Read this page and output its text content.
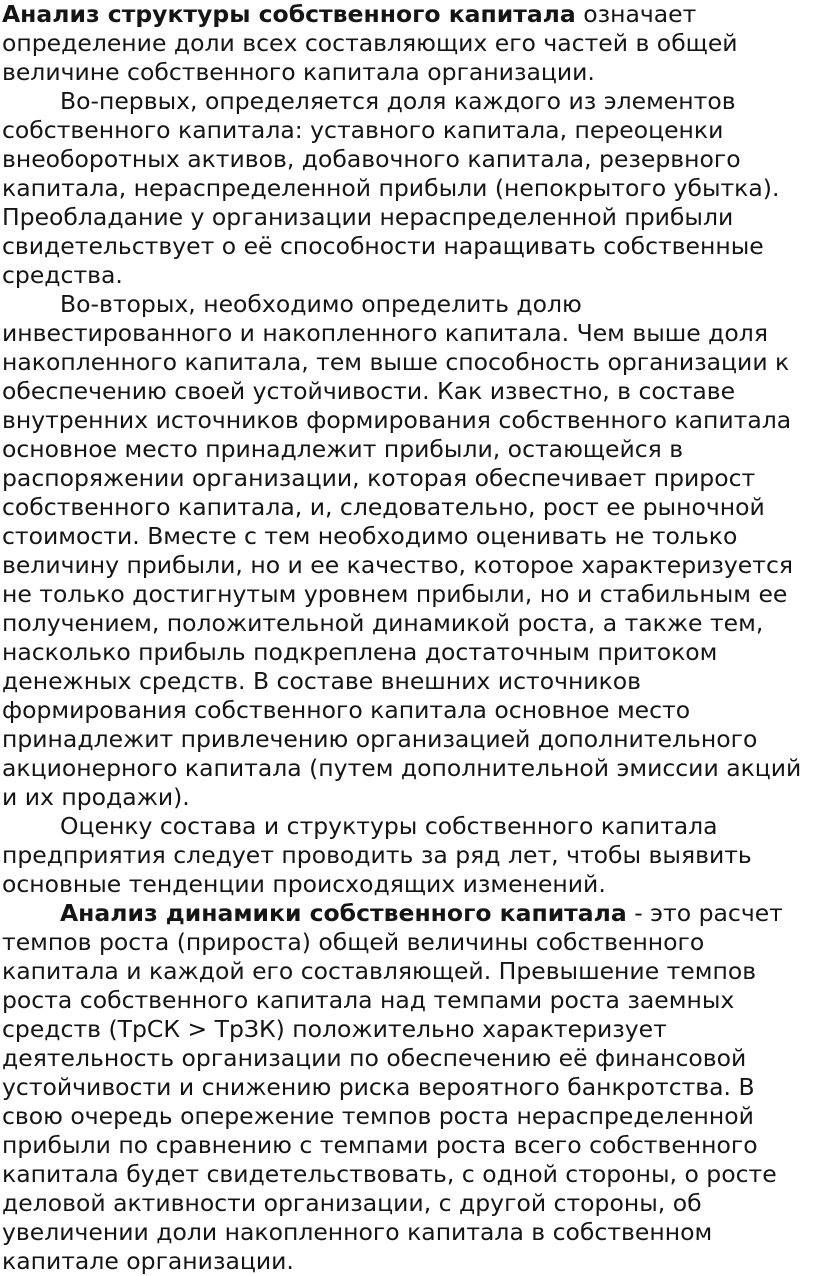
Анализ структуры собственного капитала означает определение доли всех составляющих его частей в общей величине собственного капитала организации.

Во-первых, определяется доля каждого из элементов собственного капитала: уставного капитала, переоценки внеоборотных активов, добавочного капитала, резервного капитала, нераспределенной прибыли (непокрытого убытка). Преобладание у организации нераспределенной прибыли свидетельствует о её способности наращивать собственные средства.

Во-вторых, необходимо определить долю инвестированного и накопленного капитала. Чем выше доля накопленного капитала, тем выше способность организации к обеспечению своей устойчивости. Как известно, в составе внутренних источников формирования собственного капитала основное место принадлежит прибыли, остающейся в распоряжении организации, которая обеспечивает прирост собственного капитала, и, следовательно, рост ее рыночной стоимости. Вместе с тем необходимо оценивать не только величину прибыли, но и ее качество, которое характеризуется не только достигнутым уровнем прибыли, но и стабильным ее получением, положительной динамикой роста, а также тем, насколько прибыль подкреплена достаточным притоком денежных средств. В составе внешних источников формирования собственного капитала основное место принадлежит привлечению организацией дополнительного акционерного капитала (путем дополнительной эмиссии акций и их продажи).

Оценку состава и структуры собственного капитала предприятия следует проводить за ряд лет, чтобы выявить основные тенденции происходящих изменений.

Анализ динамики собственного капитала - это расчет темпов роста (прироста) общей величины собственного капитала и каждой его составляющей. Превышение темпов роста собственного капитала над темпами роста заемных средств (ТрСК > ТрЗК) положительно характеризует деятельность организации по обеспечению её финансовой устойчивости и снижению риска вероятного банкротства. В свою очередь опережение темпов роста нераспределенной прибыли по сравнению с темпами роста всего собственного капитала будет свидетельствовать, с одной стороны, о росте деловой активности организации, с другой стороны, об увеличении доли накопленного капитала в собственном капитале организации.
